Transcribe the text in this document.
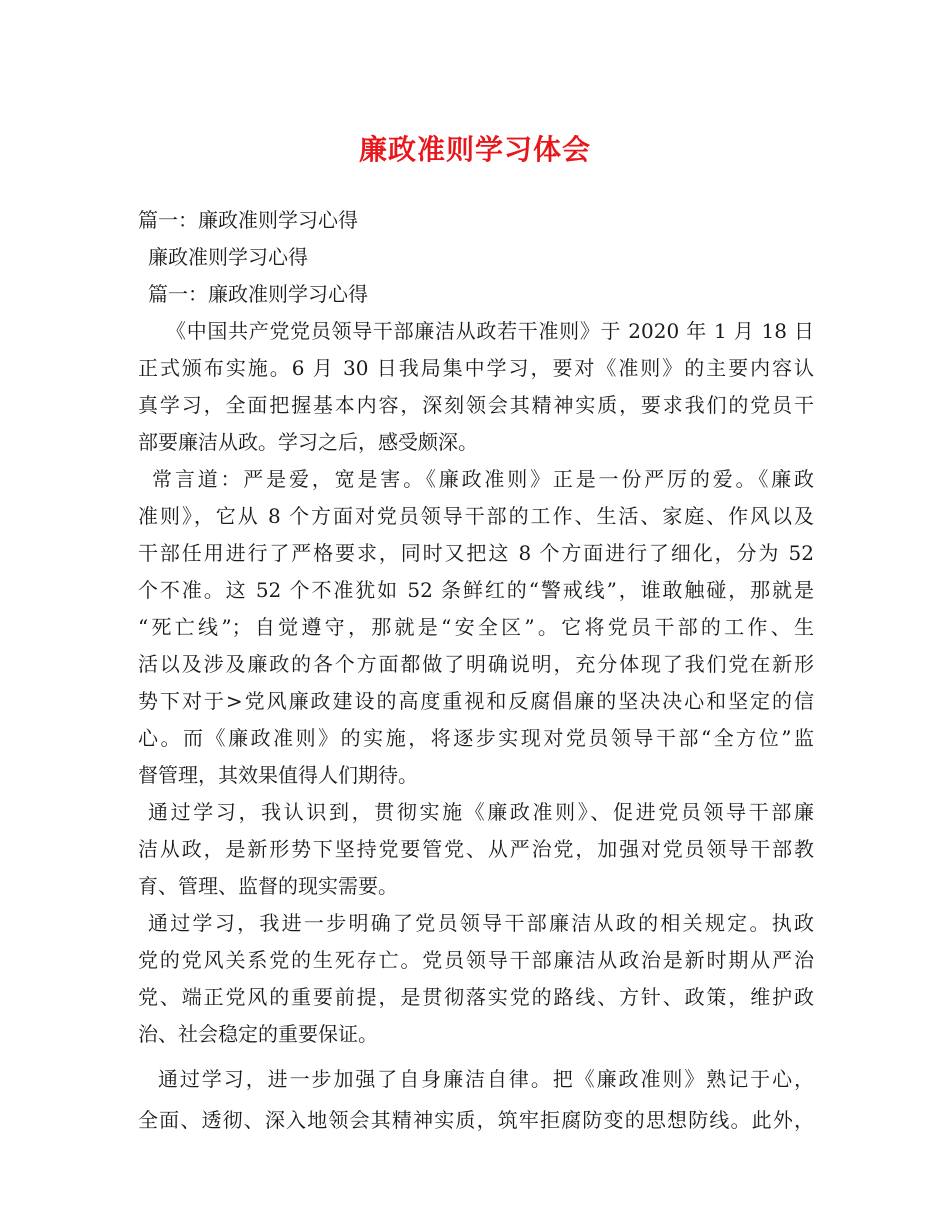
廉政准则学习体会
篇一：廉政准则学习心得
廉政准则学习心得
篇一：廉政准则学习心得
《中国共产党党员领导干部廉洁从政若干准则》于 2020 年 1 月 18 日
正式颁布实施。6 月 30 日我局集中学习，要对《准则》的主要内容认
真学习，全面把握基本内容，深刻领会其精神实质，要求我们的党员干
部要廉洁从政。学习之后，感受颇深。
常言道：严是爱，宽是害。《廉政准则》正是一份严厉的爱。《廉政
准则》，它从 8 个方面对党员领导干部的工作、生活、家庭、作风以及
干部任用进行了严格要求，同时又把这 8 个方面进行了细化，分为 52
个不准。这 52 个不准犹如 52 条鲜红的“警戒线”，谁敢触碰，那就是
“死亡线”；自觉遵守，那就是“安全区”。它将党员干部的工作、生
活以及涉及廉政的各个方面都做了明确说明，充分体现了我们党在新形
势下对于>党风廉政建设的高度重视和反腐倡廉的坚决决心和坚定的信
心。而《廉政准则》的实施，将逐步实现对党员领导干部“全方位”监
督管理，其效果值得人们期待。
通过学习，我认识到，贯彻实施《廉政准则》、促进党员领导干部廉
洁从政，是新形势下坚持党要管党、从严治党，加强对党员领导干部教
育、管理、监督的现实需要。
通过学习，我进一步明确了党员领导干部廉洁从政的相关规定。执政
党的党风关系党的生死存亡。党员领导干部廉洁从政治是新时期从严治
党、端正党风的重要前提，是贯彻落实党的路线、方针、政策，维护政
治、社会稳定的重要保证。
通过学习，进一步加强了自身廉洁自律。把《廉政准则》熟记于心，
全面、透彻、深入地领会其精神实质，筑牢拒腐防变的思想防线。此外，
